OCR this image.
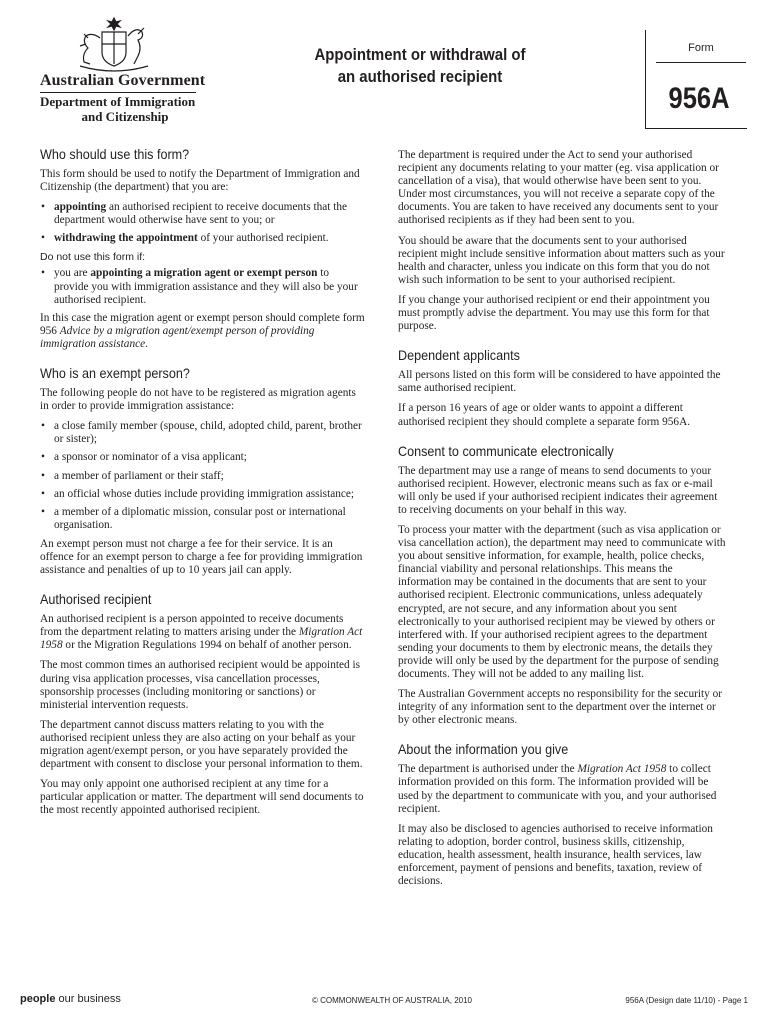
Australian Government
Department of Immigration
and Citizenship
Appointment or withdrawal of
an authorised recipient
Form
956A
Who should use this form?

This form should be used to notify the Department of Immigration and Citizenship (the department) that you are:

• appointing an authorised recipient to receive documents that the department would otherwise have sent to you; or
• withdrawing the appointment of your authorised recipient.
Do not use this form if:
• you are appointing a migration agent or exempt person to provide you with immigration assistance and they will also be your authorised recipient.

In this case the migration agent or exempt person should complete form 956 Advice by a migration agent/exempt person of providing immigration assistance.

Who is an exempt person?

The following people do not have to be registered as migration agents in order to provide immigration assistance:

• a close family member (spouse, child, adopted child, parent, brother or sister);
• a sponsor or nominator of a visa applicant;
• a member of parliament or their staff;
• an official whose duties include providing immigration assistance;
• a member of a diplomatic mission, consular post or international organisation.

An exempt person must not charge a fee for their service. It is an offence for an exempt person to charge a fee for providing immigration assistance and penalties of up to 10 years jail can apply.

Authorised recipient

An authorised recipient is a person appointed to receive documents from the department relating to matters arising under the Migration Act 1958 or the Migration Regulations 1994 on behalf of another person.

The most common times an authorised recipient would be appointed is during visa application processes, visa cancellation processes, sponsorship processes (including monitoring or sanctions) or ministerial intervention requests.

The department cannot discuss matters relating to you with the authorised recipient unless they are also acting on your behalf as your migration agent/exempt person, or you have separately provided the department with consent to disclose your personal information to them.

You may only appoint one authorised recipient at any time for a particular application or matter. The department will send documents to the most recently appointed authorised recipient.

The department is required under the Act to send your authorised recipient any documents relating to your matter (eg. visa application or cancellation of a visa), that would otherwise have been sent to you. Under most circumstances, you will not receive a separate copy of the documents. You are taken to have received any documents sent to your authorised recipients as if they had been sent to you.

You should be aware that the documents sent to your authorised recipient might include sensitive information about matters such as your health and character, unless you indicate on this form that you do not wish such information to be sent to your authorised recipient.

If you change your authorised recipient or end their appointment you must promptly advise the department. You may use this form for that purpose.

Dependent applicants

All persons listed on this form will be considered to have appointed the same authorised recipient.

If a person 16 years of age or older wants to appoint a different authorised recipient they should complete a separate form 956A.

Consent to communicate electronically

The department may use a range of means to send documents to your authorised recipient. However, electronic means such as fax or e-mail will only be used if your authorised recipient indicates their agreement to receiving documents on your behalf in this way.

To process your matter with the department (such as visa application or visa cancellation action), the department may need to communicate with you about sensitive information, for example, health, police checks, financial viability and personal relationships. This means the information may be contained in the documents that are sent to your authorised recipient. Electronic communications, unless adequately encrypted, are not secure, and any information about you sent electronically to your authorised recipient may be viewed by others or interfered with. If your authorised recipient agrees to the department sending your documents to them by electronic means, the details they provide will only be used by the department for the purpose of sending documents. They will not be added to any mailing list.

The Australian Government accepts no responsibility for the security or integrity of any information sent to the department over the internet or by other electronic means.

About the information you give

The department is authorised under the Migration Act 1958 to collect information provided on this form. The information provided will be used by the department to communicate with you, and your authorised recipient.

It may also be disclosed to agencies authorised to receive information relating to adoption, border control, business skills, citizenship, education, health assessment, health insurance, health services, law enforcement, payment of pensions and benefits, taxation, review of decisions.

people our business	© COMMONWEALTH OF AUSTRALIA, 2010	956A (Design date 11/10) - Page 1
